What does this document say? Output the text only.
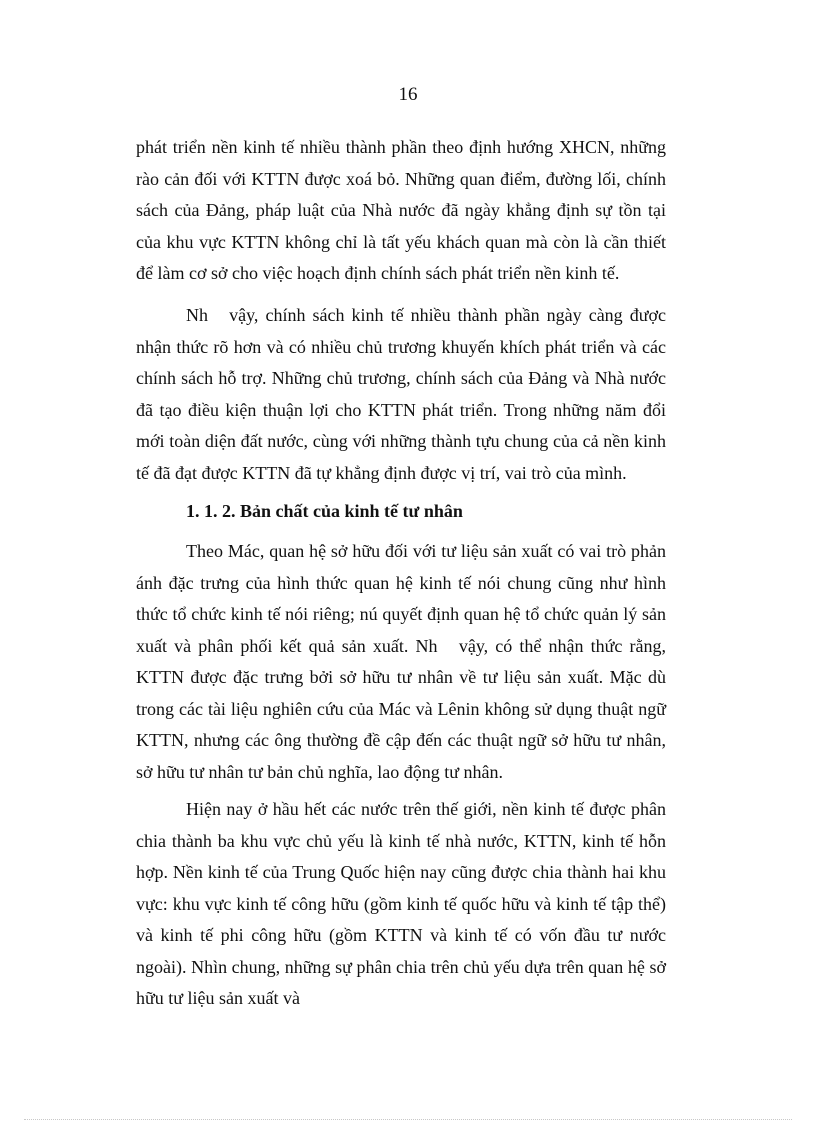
16
phát triển nền kinh tế nhiều thành phần theo định hướng XHCN, những rào cản đối với KTTN được xoá bỏ. Những quan điểm, đường lối, chính sách của Đảng, pháp luật của Nhà nước đã ngày khẳng định sự tồn tại của khu vực KTTN không chỉ là tất yếu khách quan mà còn là cần thiết để làm cơ sở cho việc hoạch định chính sách phát triển nền kinh tế.
Nh   vậy, chính sách kinh tế nhiều thành phần ngày càng được nhận thức rõ hơn và có nhiều chủ trương khuyến khích phát triển và các chính sách hỗ trợ. Những chủ trương, chính sách của Đảng và Nhà nước đã tạo điều kiện thuận lợi cho KTTN phát triển. Trong những năm đổi mới toàn diện đất nước, cùng với những thành tựu chung của cả nền kinh tế đã đạt được KTTN đã tự khẳng định được vị trí, vai trò của mình.
1. 1. 2. Bản chất của kinh tế tư nhân
Theo Mác, quan hệ sở hữu đối với tư liệu sản xuất có vai trò phản ánh đặc trưng của hình thức quan hệ kinh tế nói chung cũng như hình thức tổ chức kinh tế nói riêng; nú quyết định quan hệ tổ chức quản lý sản xuất và phân phối kết quả sản xuất. Nh   vậy, có thể nhận thức rằng, KTTN được đặc trưng bởi sở hữu tư nhân về tư liệu sản xuất. Mặc dù trong các tài liệu nghiên cứu của Mác và Lênin không sử dụng thuật ngữ KTTN, nhưng các ông thường đề cập đến các thuật ngữ sở hữu tư nhân, sở hữu tư nhân tư bản chủ nghĩa, lao động tư nhân.
Hiện nay ở hầu hết các nước trên thế giới, nền kinh tế được phân chia thành ba khu vực chủ yếu là kinh tế nhà nước, KTTN, kinh tế hỗn hợp. Nền kinh tế của Trung Quốc hiện nay cũng được chia thành hai khu vực: khu vực kinh tế công hữu (gồm kinh tế quốc hữu và kinh tế tập thể) và kinh tế phi công hữu (gồm KTTN và kinh tế có vốn đầu tư nước ngoài). Nhìn chung, những sự phân chia trên chủ yếu dựa trên quan hệ sở hữu tư liệu sản xuất và
